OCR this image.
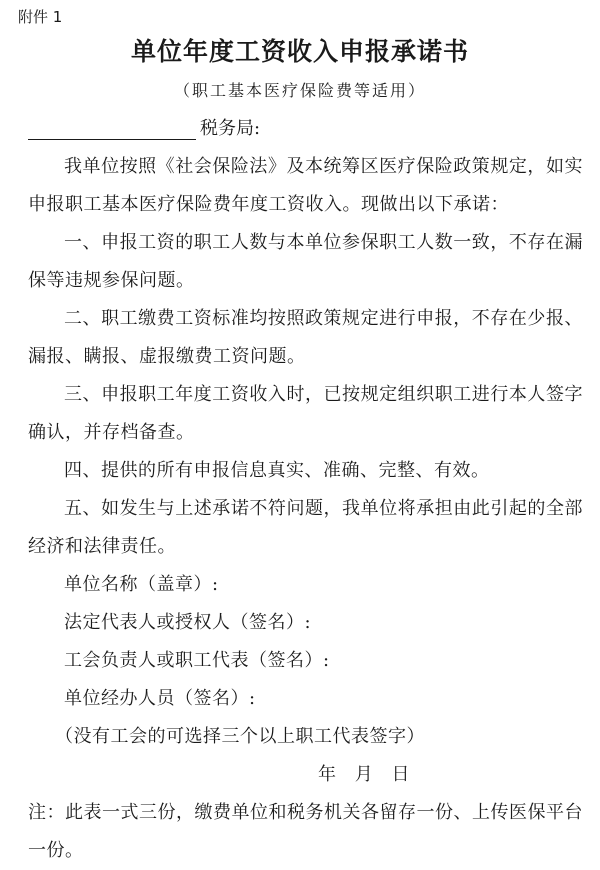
附件 1
单位年度工资收入申报承诺书
（职工基本医疗保险费等适用）
税务局:

我单位按照《社会保险法》及本统筹区医疗保险政策规定，如实申报职工基本医疗保险费年度工资收入。现做出以下承诺：

一、申报工资的职工人数与本单位参保职工人数一致，不存在漏保等违规参保问题。

二、职工缴费工资标准均按照政策规定进行申报，不存在少报、漏报、瞒报、虚报缴费工资问题。

三、申报职工年度工资收入时，已按规定组织职工进行本人签字确认，并存档备查。

四、提供的所有申报信息真实、准确、完整、有效。

五、如发生与上述承诺不符问题，我单位将承担由此引起的全部经济和法律责任。

单位名称（盖章）:

法定代表人或授权人（签名）:

工会负责人或职工代表（签名）:

单位经办人员（签名）:

（没有工会的可选择三个以上职工代表签字）

年 月 日

注：此表一式三份，缴费单位和税务机关各留存一份、上传医保平台一份。
